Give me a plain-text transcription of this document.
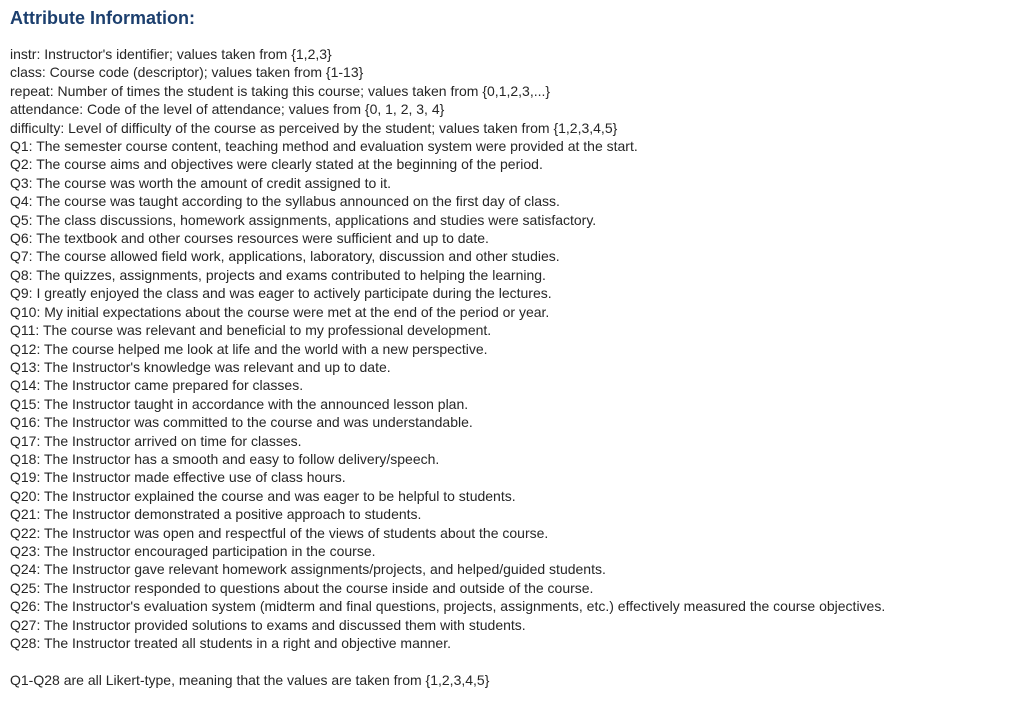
Attribute Information:
instr: Instructor's identifier; values taken from {1,2,3}
class: Course code (descriptor); values taken from {1-13}
repeat: Number of times the student is taking this course; values taken from {0,1,2,3,...}
attendance: Code of the level of attendance; values from {0, 1, 2, 3, 4}
difficulty: Level of difficulty of the course as perceived by the student; values taken from {1,2,3,4,5}
Q1: The semester course content, teaching method and evaluation system were provided at the start.
Q2: The course aims and objectives were clearly stated at the beginning of the period.
Q3: The course was worth the amount of credit assigned to it.
Q4: The course was taught according to the syllabus announced on the first day of class.
Q5: The class discussions, homework assignments, applications and studies were satisfactory.
Q6: The textbook and other courses resources were sufficient and up to date.
Q7: The course allowed field work, applications, laboratory, discussion and other studies.
Q8: The quizzes, assignments, projects and exams contributed to helping the learning.
Q9: I greatly enjoyed the class and was eager to actively participate during the lectures.
Q10: My initial expectations about the course were met at the end of the period or year.
Q11: The course was relevant and beneficial to my professional development.
Q12: The course helped me look at life and the world with a new perspective.
Q13: The Instructor's knowledge was relevant and up to date.
Q14: The Instructor came prepared for classes.
Q15: The Instructor taught in accordance with the announced lesson plan.
Q16: The Instructor was committed to the course and was understandable.
Q17: The Instructor arrived on time for classes.
Q18: The Instructor has a smooth and easy to follow delivery/speech.
Q19: The Instructor made effective use of class hours.
Q20: The Instructor explained the course and was eager to be helpful to students.
Q21: The Instructor demonstrated a positive approach to students.
Q22: The Instructor was open and respectful of the views of students about the course.
Q23: The Instructor encouraged participation in the course.
Q24: The Instructor gave relevant homework assignments/projects, and helped/guided students.
Q25: The Instructor responded to questions about the course inside and outside of the course.
Q26: The Instructor's evaluation system (midterm and final questions, projects, assignments, etc.) effectively measured the course objectives.
Q27: The Instructor provided solutions to exams and discussed them with students.
Q28: The Instructor treated all students in a right and objective manner.

Q1-Q28 are all Likert-type, meaning that the values are taken from {1,2,3,4,5}
